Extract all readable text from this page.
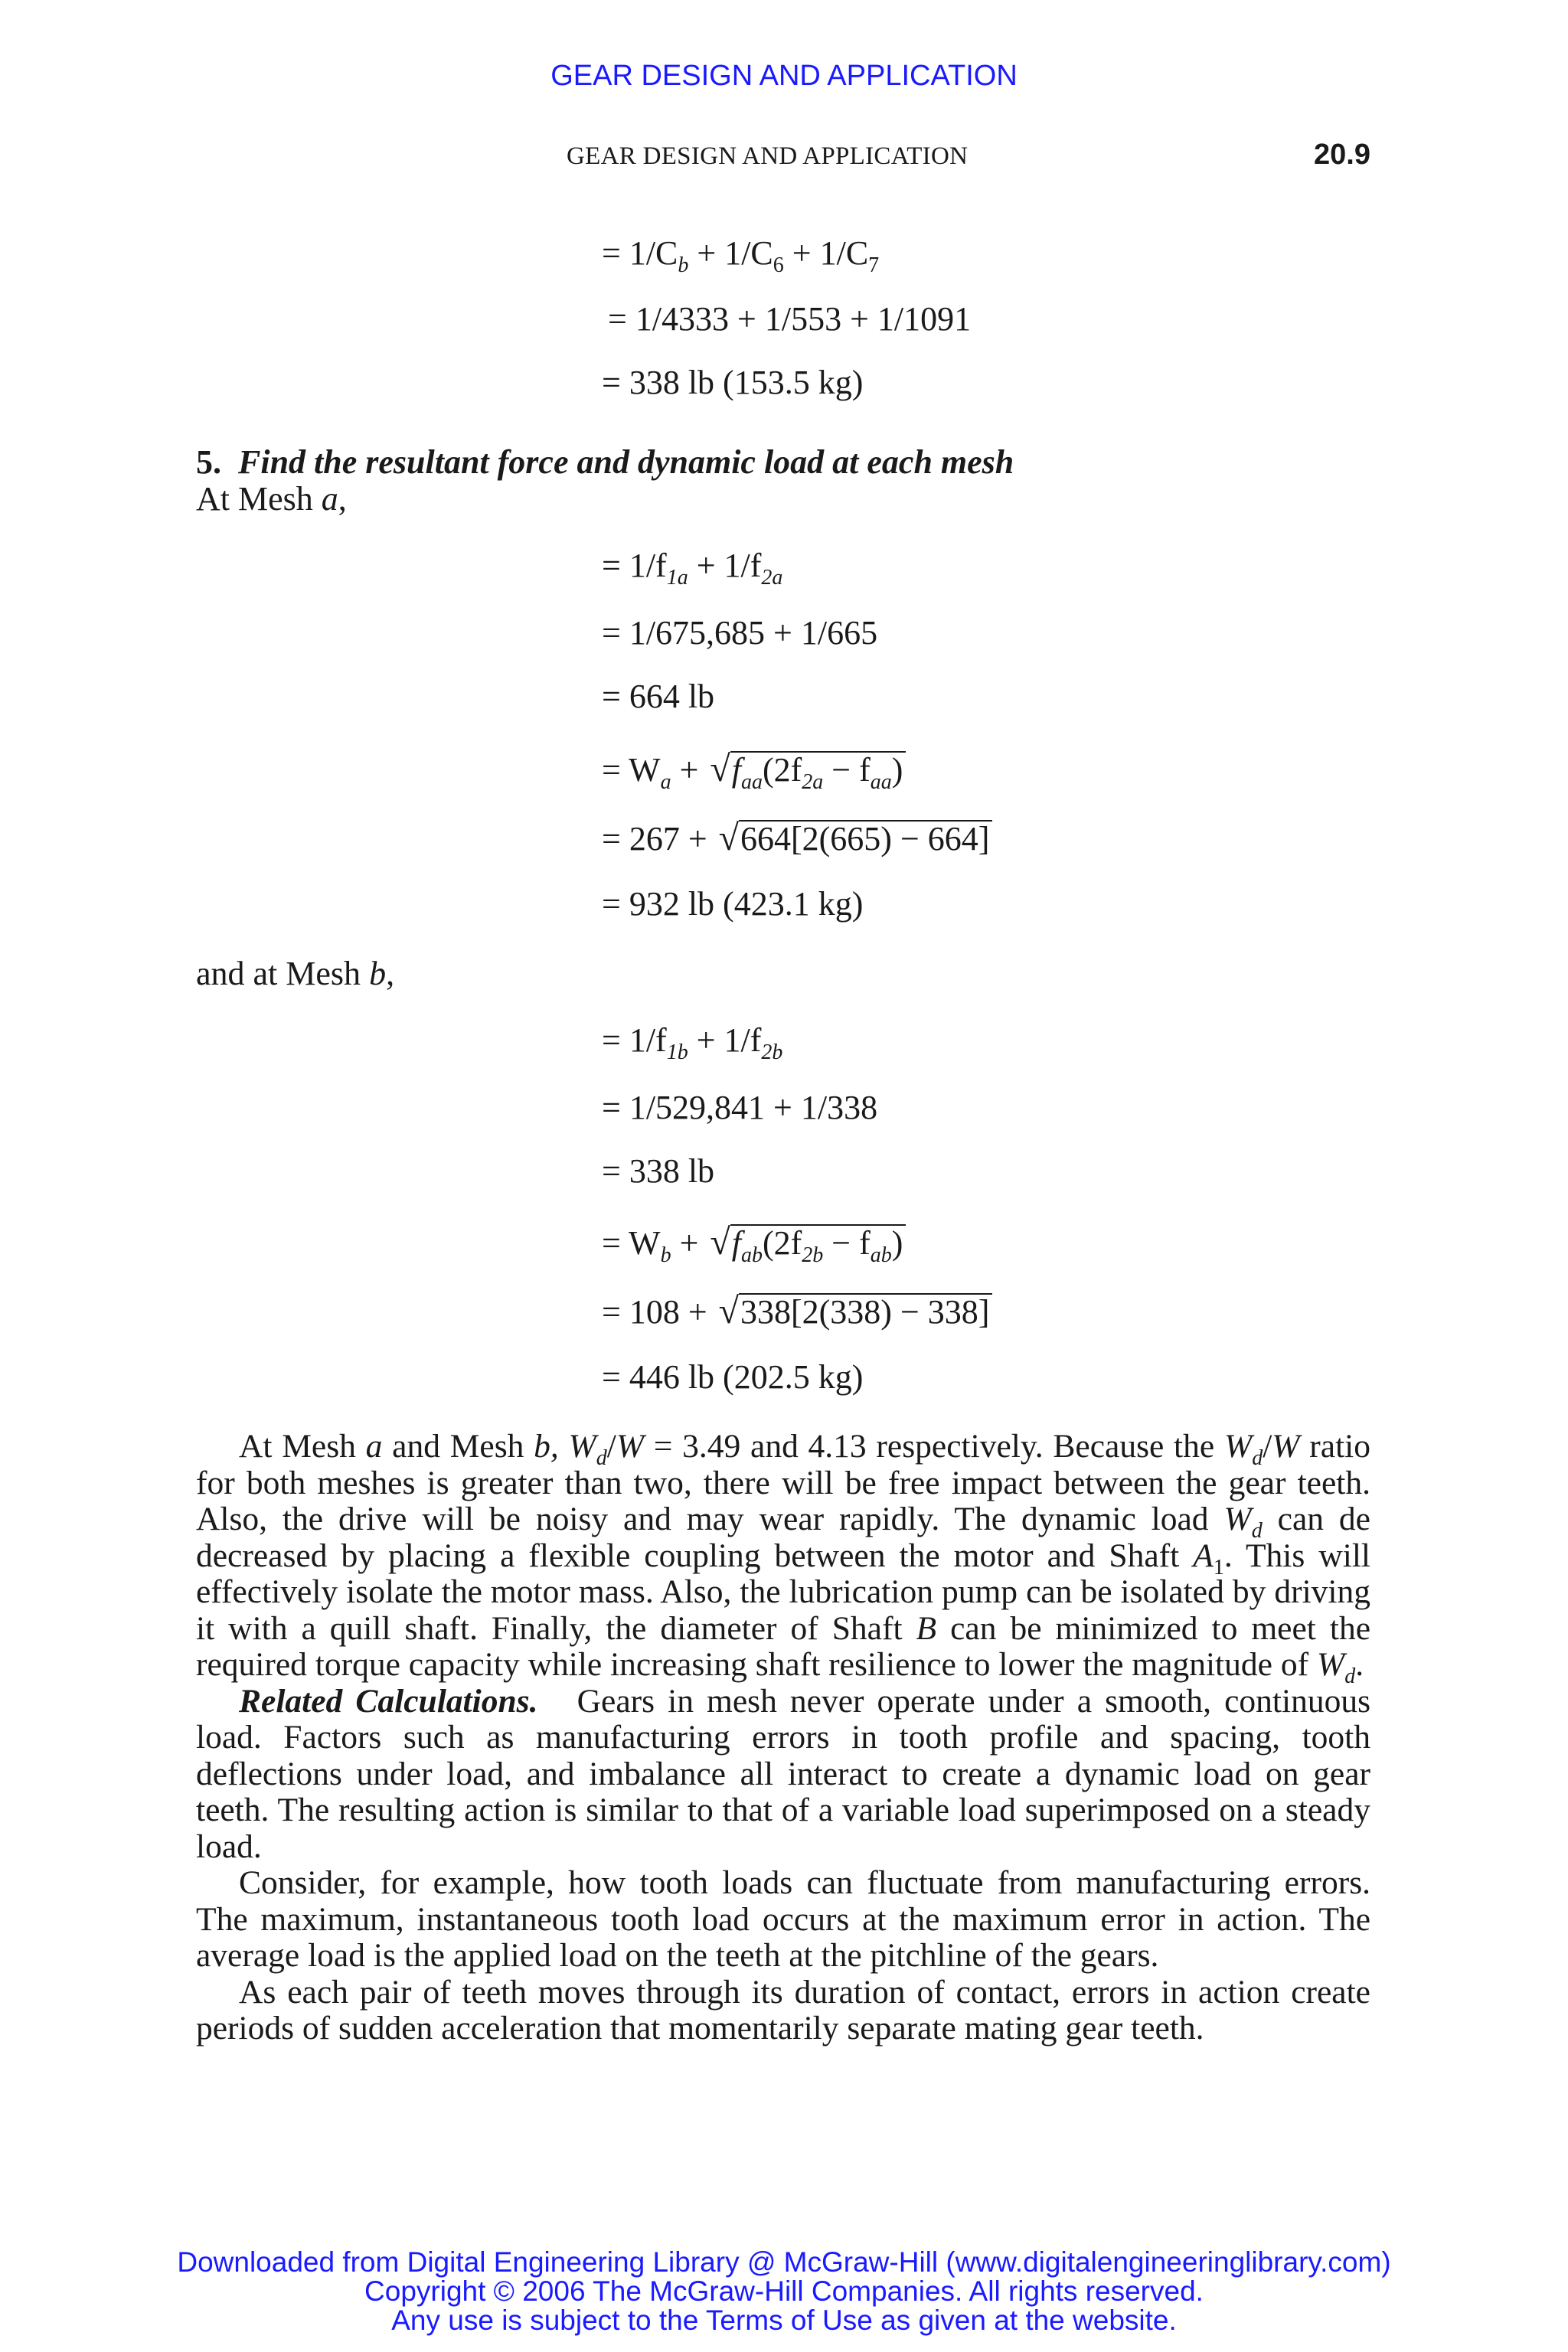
GEAR DESIGN AND APPLICATION
GEAR DESIGN AND APPLICATION	20.9
= $1/C_b + 1/C_6 + 1/C_7$
= 1/4333 + 1/553 + 1/1091
= 338 lb (153.5 kg)
5. Find the resultant force and dynamic load at each mesh
At Mesh a,
= $1/f_{1a} + 1/f_{2a}$
= 1/675,685 + 1/665
= 664 lb
= $W_a + √f_{aa}(2f_{2a} - f_{aa})$
= 267 + √664[2(665) − 664]
= 932 lb (423.1 kg)
and at Mesh b,
= $1/f_{1b} + 1/f_{2b}$
= 1/529,841 + 1/338
= 338 lb
= $W_b + √f_{ab}(2f_{2b} - f_{ab})$
= 108 + √338[2(338) − 338]
= 446 lb (202.5 kg)

At Mesh a and Mesh b, $W_d/W = 3.49$ and 4.13 respectively. Because the $W_d/W$ ratio for both meshes is greater than two, there will be free impact between the gear teeth. Also, the drive will be noisy and may wear rapidly. The dynamic load $W_d$ can de decreased by placing a flexible coupling between the motor and Shaft $A_1$. This will effectively isolate the motor mass. Also, the lubrication pump can be isolated by driving it with a quill shaft. Finally, the diameter of Shaft B can be minimized to meet the required torque capacity while increasing shaft resilience to lower the magnitude of $W_d$.

Related Calculations. Gears in mesh never operate under a smooth, continuous load. Factors such as manufacturing errors in tooth profile and spacing, tooth deflections under load, and imbalance all interact to create a dynamic load on gear teeth. The resulting action is similar to that of a variable load superimposed on a steady load.

Consider, for example, how tooth loads can fluctuate from manufacturing errors. The maximum, instantaneous tooth load occurs at the maximum error in action. The average load is the applied load on the teeth at the pitchline of the gears.

As each pair of teeth moves through its duration of contact, errors in action create periods of sudden acceleration that momentarily separate mating gear teeth.

Downloaded from Digital Engineering Library @ McGraw-Hill (www.digitalengineeringlibrary.com)
Copyright © 2006 The McGraw-Hill Companies. All rights reserved.
Any use is subject to the Terms of Use as given at the website.
